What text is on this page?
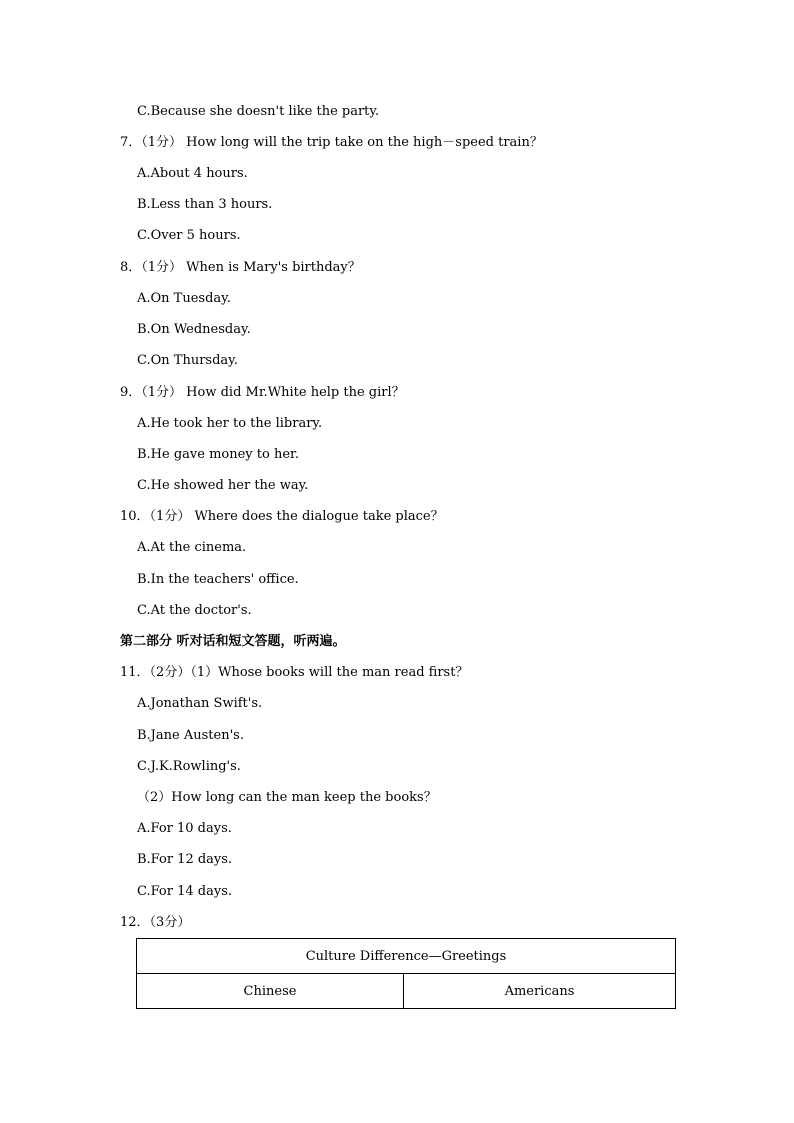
C.Because she doesn't like the party.
7．（1分） How long will the trip take on the high－speed train？
A.About 4 hours.
B.Less than 3 hours.
C.Over 5 hours.
8．（1分） When is Mary's birthday？
A.On Tuesday.
B.On Wednesday.
C.On Thursday.
9．（1分） How did Mr.White help the girl？
A.He took her to the library.
B.He gave money to her.
C.He showed her the way.
10．（1分） Where does the dialogue take place？
A.At the cinema.
B.In the teachers' office.
C.At the doctor's.
第二部分 听对话和短文答题，听两遍。
11．（2分）（1）Whose books will the man read first？
A.Jonathan Swift's.
B.Jane Austen's.
C.J.K.Rowling's.
（2）How long can the man keep the books？
A.For 10 days.
B.For 12 days.
C.For 14 days.
12．（3分）
Culture Difference—Greetings
Chinese	Americans
